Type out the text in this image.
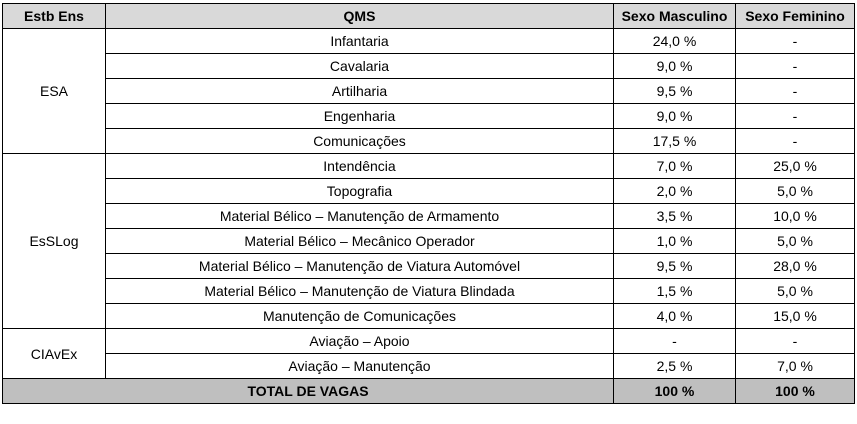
Estb Ens	QMS	Sexo Masculino	Sexo Feminino
ESA	Infantaria	24,0 %	-
	Cavalaria	9,0 %	-
	Artilharia	9,5 %	-
	Engenharia	9,0 %	-
	Comunicações	17,5 %	-
EsSLog	Intendência	7,0 %	25,0 %
	Topografia	2,0 %	5,0 %
	Material Bélico – Manutenção de Armamento	3,5 %	10,0 %
	Material Bélico – Mecânico Operador	1,0 %	5,0 %
	Material Bélico – Manutenção de Viatura Automóvel	9,5 %	28,0 %
	Material Bélico – Manutenção de Viatura Blindada	1,5 %	5,0 %
	Manutenção de Comunicações	4,0 %	15,0 %
CIAvEx	Aviação – Apoio	-	-
	Aviação – Manutenção	2,5 %	7,0 %
TOTAL DE VAGAS		100 %	100 %
